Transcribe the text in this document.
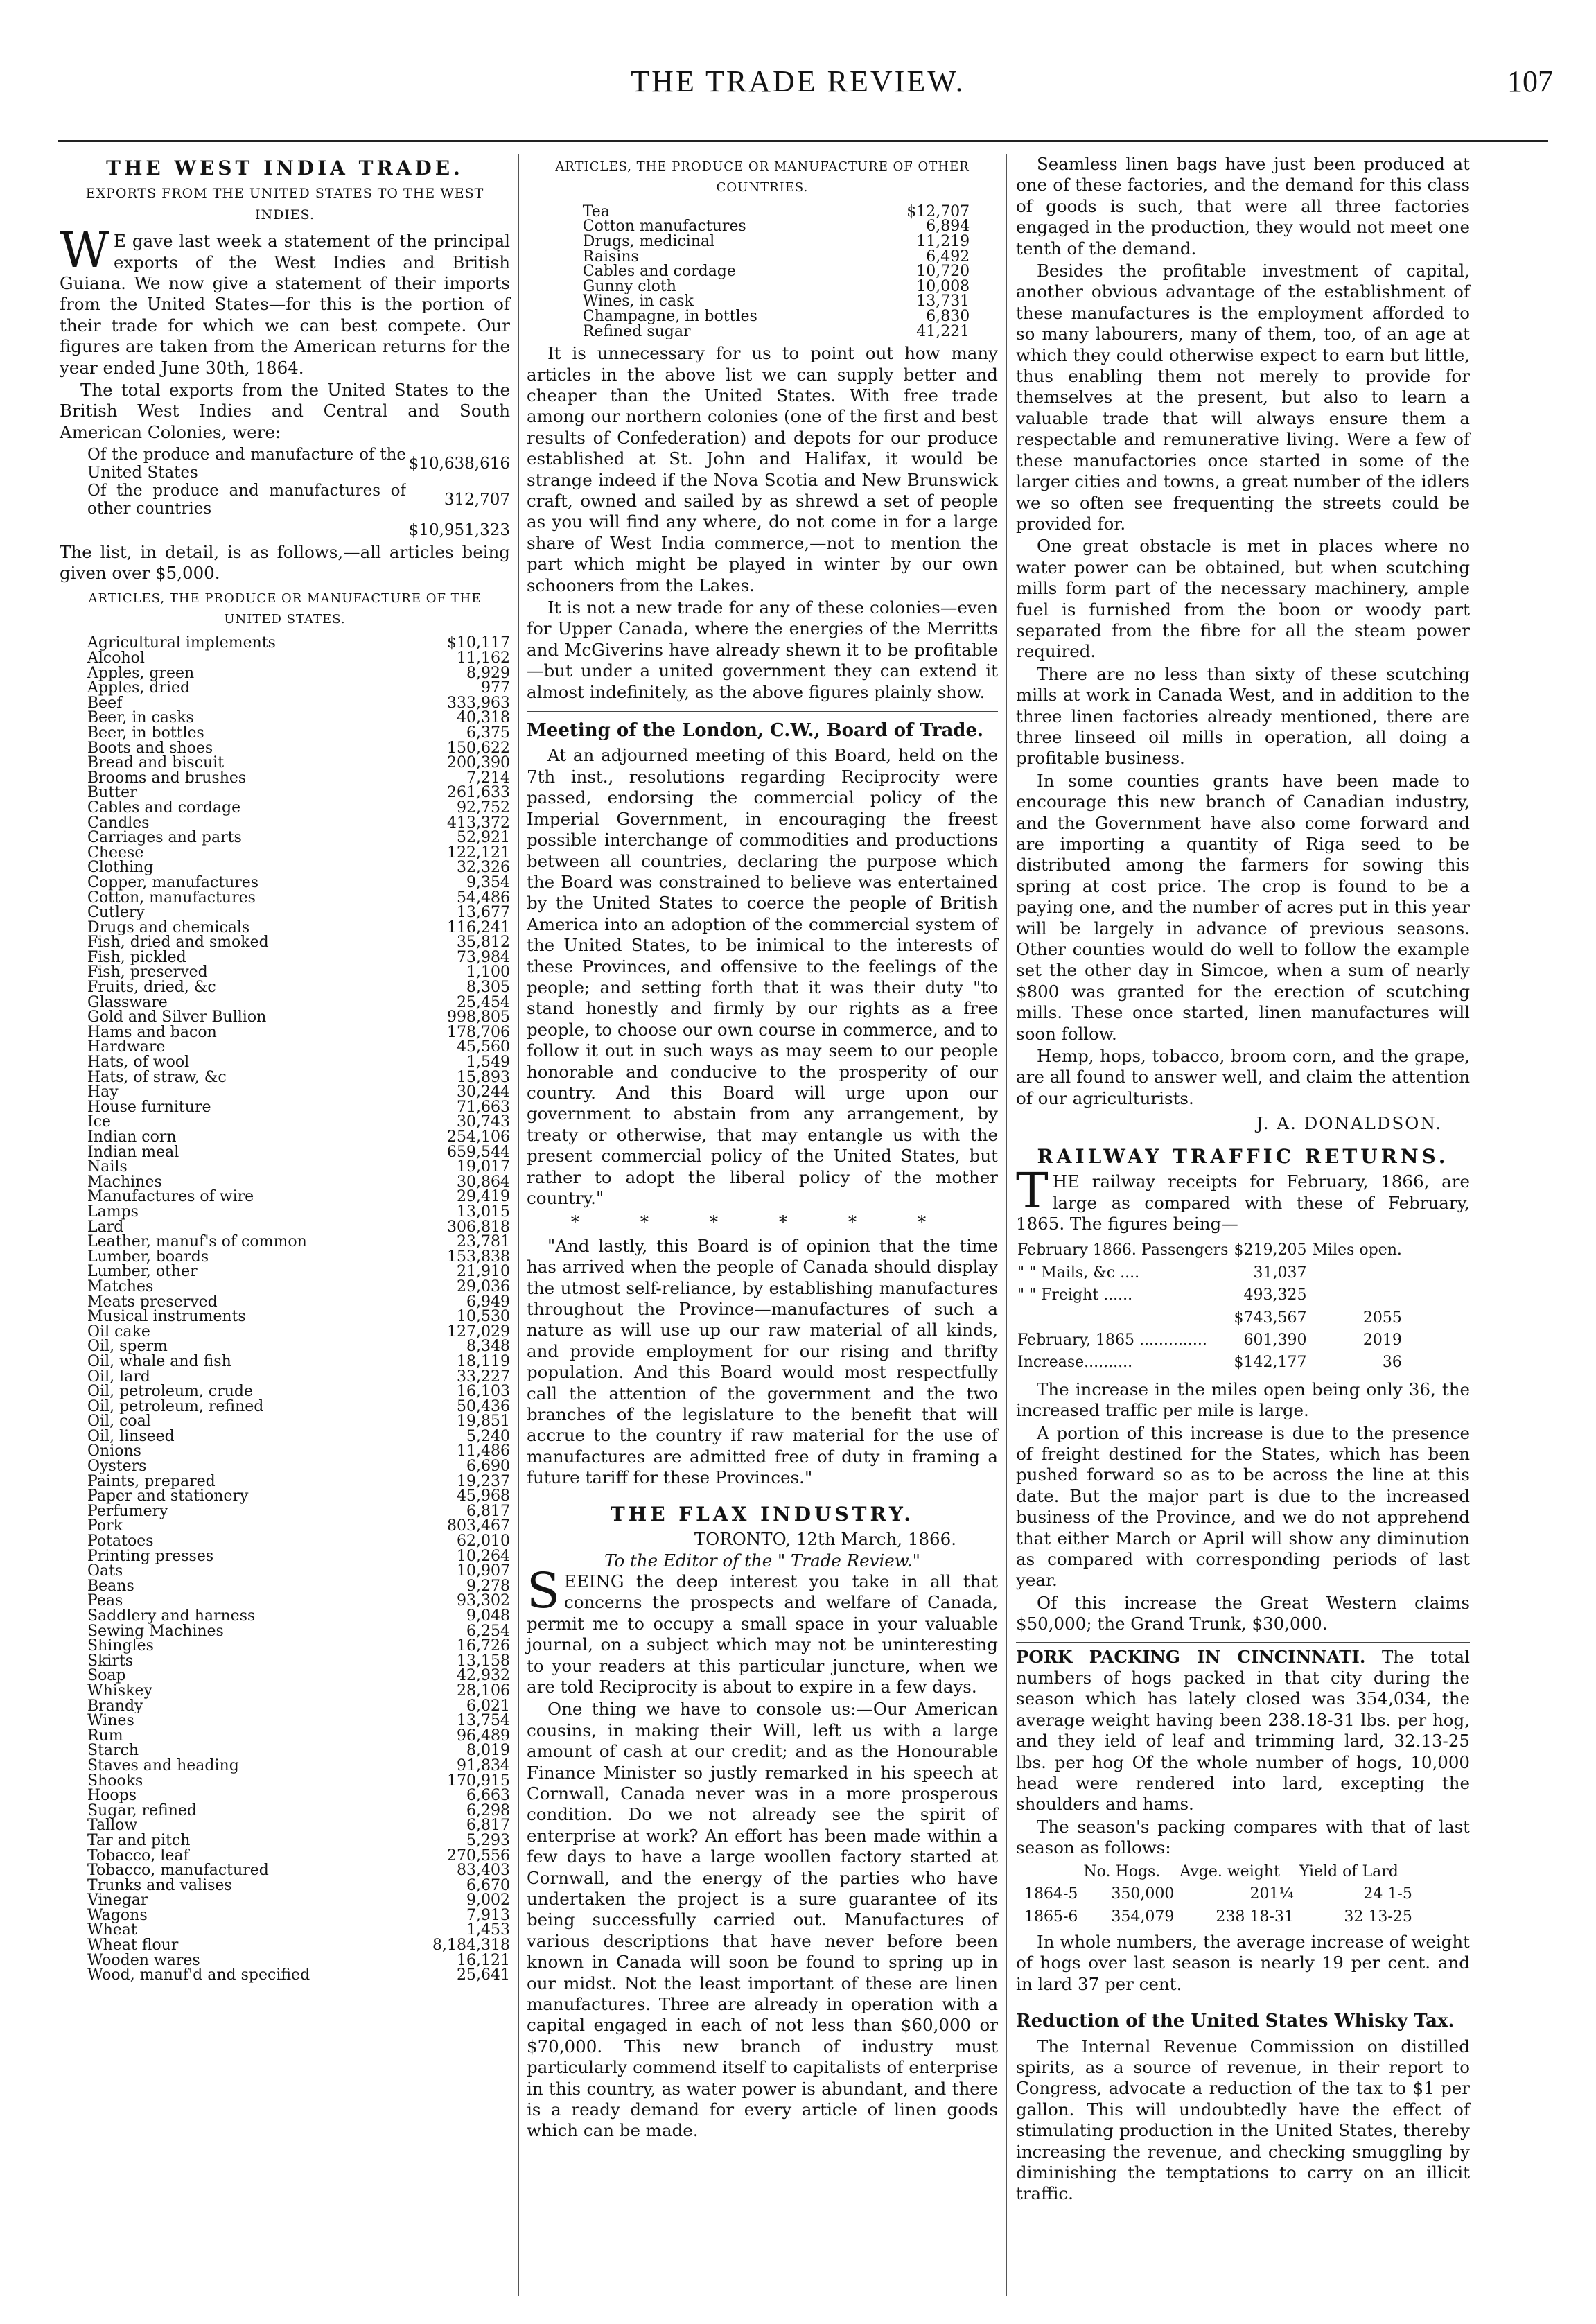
THE TRADE REVIEW.	107
THE WEST INDIA TRADE.
EXPORTS FROM THE UNITED STATES TO THE WEST INDIES.

WE gave last week a statement of the principal exports of the West Indies and British Guiana. We now give a statement of their imports from the United States—for this is the portion of their trade for which we can best compete. Our figures are taken from the American returns for the year ended June 30th, 1864.

The total exports from the United States to the British West Indies and Central and South American Colonies, were:

Of the produce and manufacture of the United States	$10,638,616
Of the produce and manufactures of other countries	312,707
	$10,951,323

The list, in detail, is as follows,—all articles being given over $5,000.

ARTICLES, THE PRODUCE OR MANUFACTURE OF THE UNITED STATES.
Agricultural implements	$10,117
Alcohol	11,162
Apples, green	8,929
Apples, dried	977
Beef	333,963
Beer, in casks	40,318
Beer, in bottles	6,375
Boots and shoes	150,622
Bread and biscuit	200,390
Brooms and brushes	7,214
Butter	261,633
Cables and cordage	92,752
Candles	413,372
Carriages and parts	52,921
Cheese	122,121
Clothing	32,326
Copper, manufactures	9,354
Cotton, manufactures	54,486
Cutlery	13,677
Drugs and chemicals	116,241
Fish, dried and smoked	35,812
Fish, pickled	73,984
Fish, preserved	1,100
Fruits, dried, &c	8,305
Glassware	25,454
Gold and Silver Bullion	998,805
Hams and bacon	178,706
Hardware	45,560
Hats, of wool	1,549
Hats, of straw, &c	15,893
Hay	30,244
House furniture	71,663
Ice	30,743
Indian corn	254,106
Indian meal	659,544
Nails	19,017
Machines	30,864
Manufactures of wire	29,419
Lamps	13,015
Lard	306,818
Leather, manuf's of common	23,781
Lumber, boards	153,838
Lumber, other	21,910
Matches	29,036
Meats preserved	6,949
Musical instruments	10,530
Oil cake	127,029
Oil, sperm	8,348
Oil, whale and fish	18,119
Oil, lard	33,227
Oil, petroleum, crude	16,103
Oil, petroleum, refined	50,436
Oil, coal	19,851
Oil, linseed	5,240
Onions	11,486
Oysters	6,690
Paints, prepared	19,237
Paper and stationery	45,968
Perfumery	6,817
Pork	803,467
Potatoes	62,010
Printing presses	10,264
Oats	10,907
Beans	9,278
Peas	93,302
Saddlery and harness	9,048
Sewing Machines	6,254
Shingles	16,726
Skirts	13,158
Soap	42,932
Whiskey	28,106
Brandy	6,021
Wines	13,754
Rum	96,489
Starch	8,019
Staves and heading	91,834
Shooks	170,915
Hoops	6,663
Sugar, refined	6,298
Tallow	6,817
Tar and pitch	5,293
Tobacco, leaf	270,556
Tobacco, manufactured	83,403
Trunks and valises	6,670
Vinegar	9,002
Wagons	7,913
Wheat	1,453
Wheat flour	8,184,318
Wooden wares	16,121
Wood, manuf'd and specified	25,641
ARTICLES, THE PRODUCE OR MANUFACTURE OF OTHER COUNTRIES.
Tea	$12,707
Cotton manufactures	6,894
Drugs, medicinal	11,219
Raisins	6,492
Cables and cordage	10,720
Gunny cloth	10,008
Wines, in cask	13,731
Champagne, in bottles	6,830
Refined sugar	41,221

It is unnecessary for us to point out how many articles in the above list we can supply better and cheaper than the United States. With free trade among our northern colonies (one of the first and best results of Confederation) and depots for our produce established at St. John and Halifax, it would be strange indeed if the Nova Scotia and New Brunswick craft, owned and sailed by as shrewd a set of people as you will find any where, do not come in for a large share of West India commerce,—not to mention the part which might be played in winter by our own schooners from the Lakes.

It is not a new trade for any of these colonies—even for Upper Canada, where the energies of the Merritts and McGiverins have already shewn it to be profitable—but under a united government they can extend it almost indefinitely, as the above figures plainly show.

Meeting of the London, C.W., Board of Trade.

At an adjourned meeting of this Board, held on the 7th inst., resolutions regarding Reciprocity were passed, endorsing the commercial policy of the Imperial Government, in encouraging the freest possible interchange of commodities and productions between all countries, declaring the purpose which the Board was constrained to believe was entertained by the United States to coerce the people of British America into an adoption of the commercial system of the United States, to be inimical to the interests of these Provinces, and offensive to the feelings of the people; and setting forth that it was their duty "to stand honestly and firmly by our rights as a free people, to choose our own course in commerce, and to follow it out in such ways as may seem to our people honorable and conducive to the prosperity of our country. And this Board will urge upon our government to abstain from any arrangement, by treaty or otherwise, that may entangle us with the present commercial policy of the United States, but rather to adopt the liberal policy of the mother country."

* * * * * *

"And lastly, this Board is of opinion that the time has arrived when the people of Canada should display the utmost self-reliance, by establishing manufactures throughout the Province—manufactures of such a nature as will use up our raw material of all kinds, and provide employment for our rising and thrifty population. And this Board would most respectfully call the attention of the government and the two branches of the legislature to the benefit that will accrue to the country if raw material for the use of manufactures are admitted free of duty in framing a future tariff for these Provinces."

THE FLAX INDUSTRY.
TORONTO, 12th March, 1866.
To the Editor of the " Trade Review."

SEEING the deep interest you take in all that concerns the prospects and welfare of Canada, permit me to occupy a small space in your valuable journal, on a subject which may not be uninteresting to your readers at this particular juncture, when we are told Reciprocity is about to expire in a few days.

One thing we have to console us:—Our American cousins, in making their Will, left us with a large amount of cash at our credit; and as the Honourable Finance Minister so justly remarked in his speech at Cornwall, Canada never was in a more prosperous condition. Do we not already see the spirit of enterprise at work? An effort has been made within a few days to have a large woollen factory started at Cornwall, and the energy of the parties who have undertaken the project is a sure guarantee of its being successfully carried out. Manufactures of various descriptions that have never before been known in Canada will soon be found to spring up in our midst. Not the least important of these are linen manufactures. Three are already in operation with a capital engaged in each of not less than $60,000 or $70,000. This new branch of industry must particularly commend itself to capitalists of enterprise in this country, as water power is abundant, and there is a ready demand for every article of linen goods which can be made.

Seamless linen bags have just been produced at one of these factories, and the demand for this class of goods is such, that were all three factories engaged in the production, they would not meet one tenth of the demand.

Besides the profitable investment of capital, another obvious advantage of the establishment of these manufactures is the employment afforded to so many labourers, many of them, too, of an age at which they could otherwise expect to earn but little, thus enabling them not merely to provide for themselves at the present, but also to learn a valuable trade that will always ensure them a respectable and remunerative living. Were a few of these manufactories once started in some of the larger cities and towns, a great number of the idlers we so often see frequenting the streets could be provided for.

One great obstacle is met in places where no water power can be obtained, but when scutching mills form part of the necessary machinery, ample fuel is furnished from the boon or woody part separated from the fibre for all the steam power required.

There are no less than sixty of these scutching mills at work in Canada West, and in addition to the three linen factories already mentioned, there are three linseed oil mills in operation, all doing a profitable business.

In some counties grants have been made to encourage this new branch of Canadian industry, and the Government have also come forward and are importing a quantity of Riga seed to be distributed among the farmers for sowing this spring at cost price. The crop is found to be a paying one, and the number of acres put in this year will be largely in advance of previous seasons. Other counties would do well to follow the example set the other day in Simcoe, when a sum of nearly $800 was granted for the erection of scutching mills. These once started, linen manufactures will soon follow.

Hemp, hops, tobacco, broom corn, and the grape, are all found to answer well, and claim the attention of our agriculturists.

J. A. DONALDSON.
RAILWAY TRAFFIC RETURNS.

THE railway receipts for February, 1866, are large as compared with these of February, 1865. The figures being—

February 1866. Passengers	$219,205	Miles open.
" " Mails, &c ....	31,037	
" " Freight ......	493,325	
	$743,567	2055
February, 1865 ..............	601,390	2019
Increase..........	$142,177	36

The increase in the miles open being only 36, the increased traffic per mile is large.

A portion of this increase is due to the presence of freight destined for the States, which has been pushed forward so as to be across the line at this date. But the major part is due to the increased business of the Province, and we do not apprehend that either March or April will show any diminution as compared with corresponding periods of last year.

Of this increase the Great Western claims $50,000; the Grand Trunk, $30,000.

PORK PACKING IN CINCINNATI. The total numbers of hogs packed in that city during the season which has lately closed was 354,034, the average weight having been 238.18-31 lbs. per hog, and they ield of leaf and trimming lard, 32.13-25 lbs. per hog Of the whole number of hogs, 10,000 head were rendered into lard, excepting the shoulders and hams.

The season's packing compares with that of last season as follows:

	No. Hogs.	Avge. weight	Yield of Lard
1864-5	350,000	201¼	24 1-5
1865-6	354,079	238 18-31	32 13-25

In whole numbers, the average increase of weight of hogs over last season is nearly 19 per cent. and in lard 37 per cent.

Reduction of the United States Whisky Tax.

The Internal Revenue Commission on distilled spirits, as a source of revenue, in their report to Congress, advocate a reduction of the tax to $1 per gallon. This will undoubtedly have the effect of stimulating production in the United States, thereby increasing the revenue, and checking smuggling by diminishing the temptations to carry on an illicit traffic.
